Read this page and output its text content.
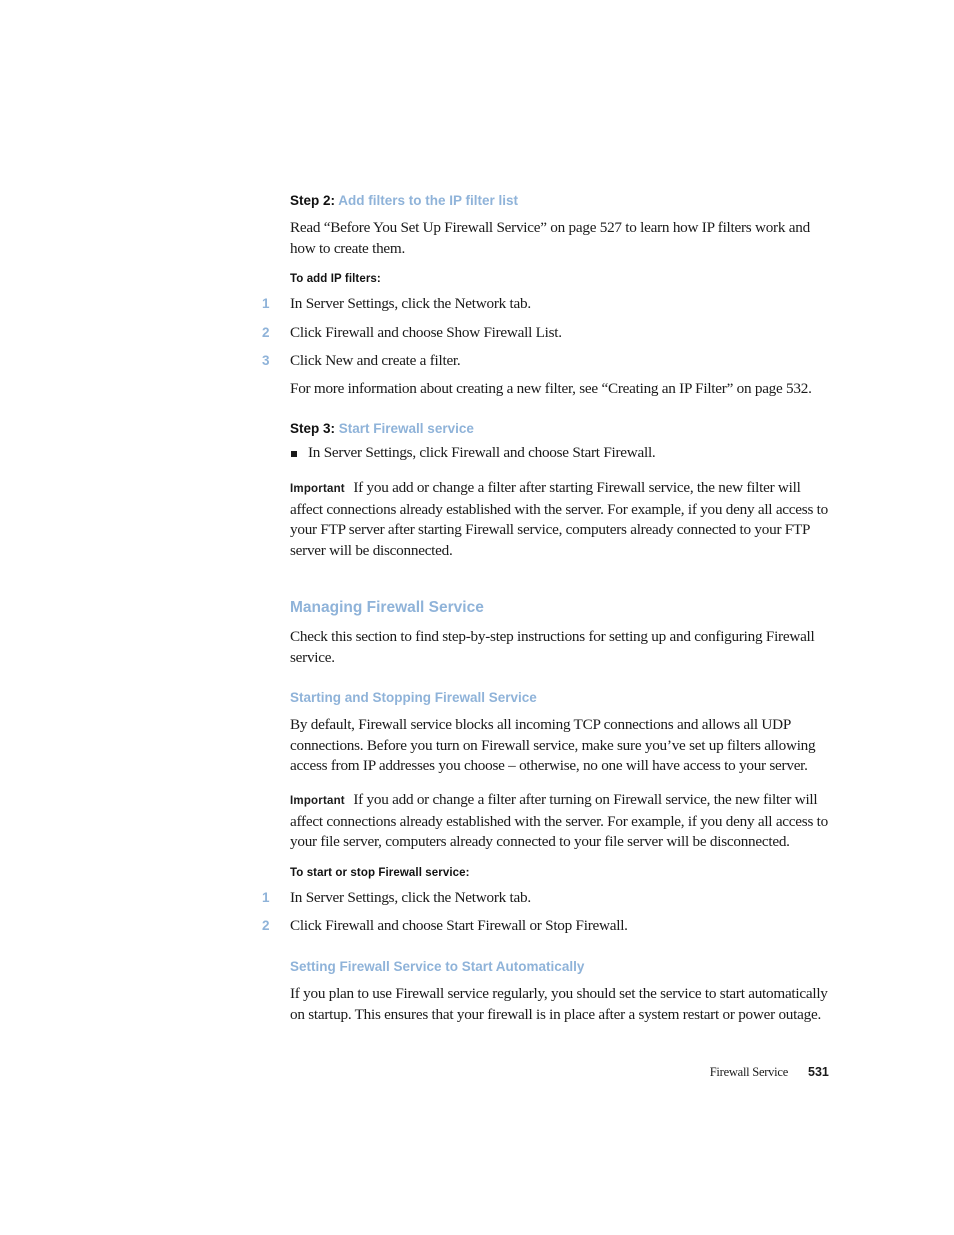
Step 2: Add filters to the IP filter list
Read “Before You Set Up Firewall Service” on page 527 to learn how IP filters work and how to create them.
To add IP filters:
1 In Server Settings, click the Network tab.
2 Click Firewall and choose Show Firewall List.
3 Click New and create a filter.
For more information about creating a new filter, see “Creating an IP Filter” on page 532.
Step 3: Start Firewall service
In Server Settings, click Firewall and choose Start Firewall.
Important If you add or change a filter after starting Firewall service, the new filter will affect connections already established with the server. For example, if you deny all access to your FTP server after starting Firewall service, computers already connected to your FTP server will be disconnected.
Managing Firewall Service
Check this section to find step-by-step instructions for setting up and configuring Firewall service.
Starting and Stopping Firewall Service
By default, Firewall service blocks all incoming TCP connections and allows all UDP connections. Before you turn on Firewall service, make sure you’ve set up filters allowing access from IP addresses you choose – otherwise, no one will have access to your server.
Important If you add or change a filter after turning on Firewall service, the new filter will affect connections already established with the server. For example, if you deny all access to your file server, computers already connected to your file server will be disconnected.
To start or stop Firewall service:
1 In Server Settings, click the Network tab.
2 Click Firewall and choose Start Firewall or Stop Firewall.
Setting Firewall Service to Start Automatically
If you plan to use Firewall service regularly, you should set the service to start automatically on startup. This ensures that your firewall is in place after a system restart or power outage.
Firewall Service 531
